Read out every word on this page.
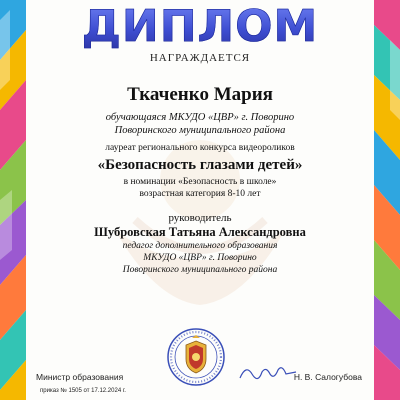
ДИПЛОМ
НАГРАЖДАЕТСЯ
Ткаченко Мария
обучающаяся МКУДО «ЦВР» г. Поворино
Поворинского муниципального района
лауреат регионального конкурса видеороликов
«Безопасность глазами детей»
в номинации «Безопасность в школе»
возрастная категория 8-10 лет
руководитель
Шубровская Татьяна Александровна
педагог дополнительного образования
МКУДО «ЦВР» г. Поворино
Поворинского муниципального района
Министр образования	Н. В. Салогубова
приказ № 1505 от 17.12.2024 г.
